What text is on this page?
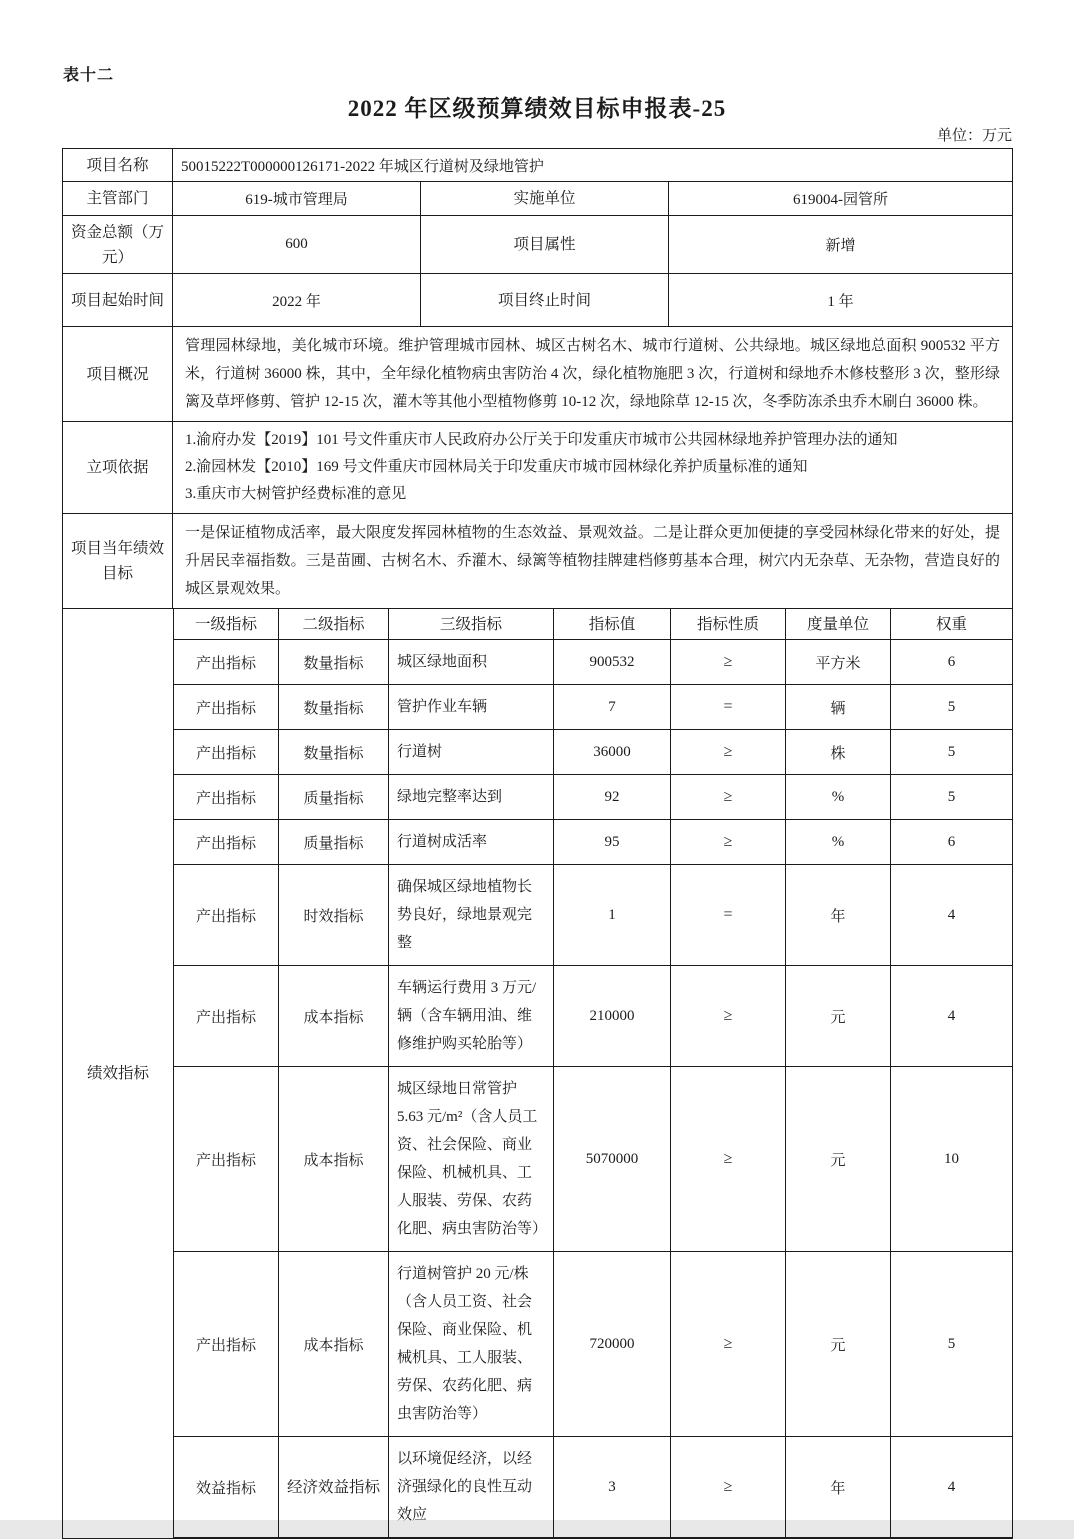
表十二
2022 年区级预算绩效目标申报表-25
单位：万元
项目名称	50015222T000000126171-2022 年城区行道树及绿地管护		
主管部门	619-城市管理局	实施单位	619004-园管所
资金总额（万元）	600	项目属性	新增
项目起始时间	2022 年	项目终止时间	1 年
项目概况	管理园林绿地，美化城市环境。维护管理城市园林、城区古树名木、城市行道树、公共绿地。城区绿地总面积 900532 平方米，行道树 36000 株，其中，全年绿化植物病虫害防治 4 次，绿化植物施肥 3 次，行道树和绿地乔木修枝整形 3 次，整形绿篱及草坪修剪、管护 12-15 次，灌木等其他小型植物修剪 10-12 次，绿地除草 12-15 次，冬季防冻杀虫乔木刷白 36000 株。		
立项依据	1.渝府办发【2019】101 号文件重庆市人民政府办公厅关于印发重庆市城市公共园林绿地养护管理办法的通知
2.渝园林发【2010】169 号文件重庆市园林局关于印发重庆市城市园林绿化养护质量标准的通知
3.重庆市大树管护经费标准的意见		

项目当年绩效目标	一是保证植物成活率，最大限度发挥园林植物的生态效益、景观效益。二是让群众更加便捷的享受园林绿化带来的好处，提升居民幸福指数。三是苗圃、古树名木、乔灌木、绿篱等植物挂牌建档修剪基本合理，树穴内无杂草、无杂物，营造良好的城区景观效果。		
绩效指标	一级指标	二级指标	三级指标	指标值	指标性质	度量单位	权重
	产出指标	数量指标	城区绿地面积	900532	≥	平方米	6
	产出指标	数量指标	管护作业车辆	7	=	辆	5
	产出指标	数量指标	行道树	36000	≥	株	5
	产出指标	质量指标	绿地完整率达到	92	≥	%	5
	产出指标	质量指标	行道树成活率	95	≥	%	6
	产出指标	时效指标	确保城区绿地植物长势良好，绿地景观完整	1	=	年	4
	产出指标	成本指标	车辆运行费用 3 万元/辆（含车辆用油、维修维护购买轮胎等）	210000	≥	元	4
	产出指标	成本指标	城区绿地日常管护 5.63 元/m²（含人员工资、社会保险、商业保险、机械机具、工人服装、劳保、农药化肥、病虫害防治等）	5070000	≥	元	10
	产出指标	成本指标	行道树管护 20 元/株（含人员工资、社会保险、商业保险、机械机具、工人服装、劳保、农药化肥、病虫害防治等）	720000	≥	元	5
	效益指标	经济效益指标	以环境促经济，以经济强绿化的良性互动效应	3	≥	年	4
